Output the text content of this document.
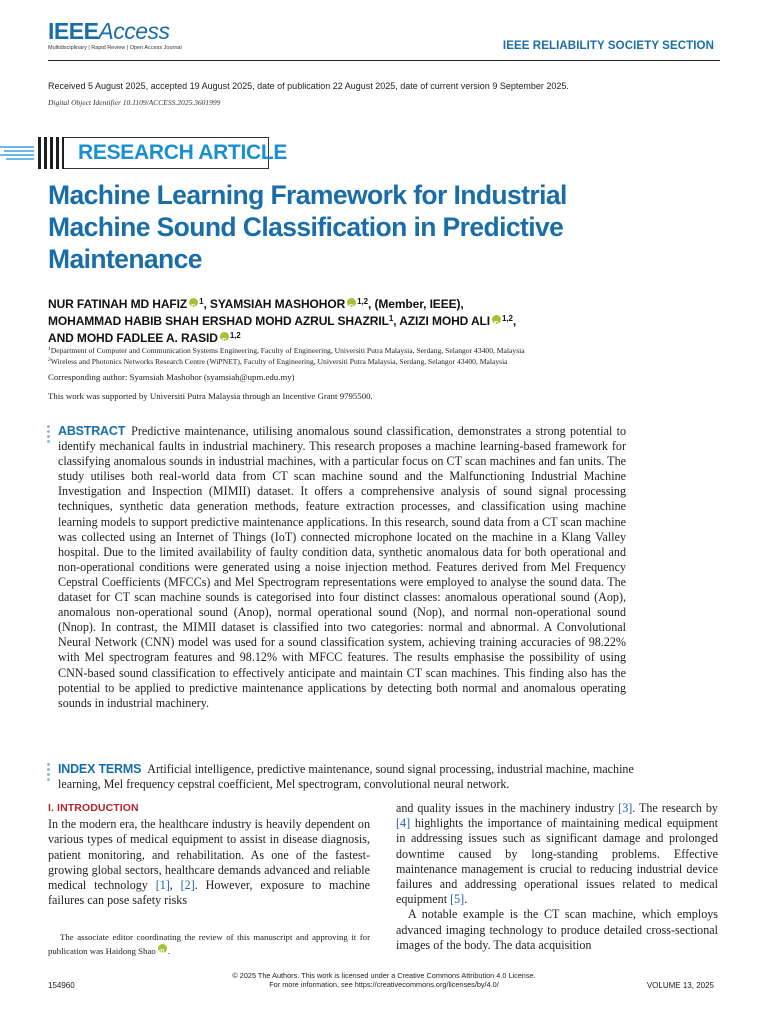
IEEEAccess
Multidisciplinary | Rapid Review | Open Access Journal	IEEE RELIABILITY SOCIETY SECTION
Received 5 August 2025, accepted 19 August 2025, date of publication 22 August 2025, date of current version 9 September 2025.
Digital Object Identifier 10.1109/ACCESS.2025.3601999
RESEARCH ARTICLE
Machine Learning Framework for Industrial Machine Sound Classification in Predictive Maintenance
NUR FATINAH MD HAFIZ iD $^1$, SYAMSIAH MASHOHOR iD $^{1,2}$, (Member, IEEE),
MOHAMMAD HABIB SHAH ERSHAD MOHD AZRUL SHAZRIL$^1$, AZIZI MOHD ALI iD $^{1,2}$,
AND MOHD FADLEE A. RASID iD $^{1,2}$
$^1$Department of Computer and Communication Systems Engineering, Faculty of Engineering, Universiti Putra Malaysia, Serdang, Selangor 43400, Malaysia
$^2$Wireless and Photonics Networks Research Centre (WiPNET), Faculty of Engineering, Universiti Putra Malaysia, Serdang, Selangor 43400, Malaysia
Corresponding author: Syamsiah Mashohor (syamsiah@upm.edu.my)
This work was supported by Universiti Putra Malaysia through an Incentive Grant 9795500.
ABSTRACT Predictive maintenance, utilising anomalous sound classification, demonstrates a strong potential to identify mechanical faults in industrial machinery. This research proposes a machine learning-based framework for classifying anomalous sounds in industrial machines, with a particular focus on CT scan machines and fan units. The study utilises both real-world data from CT scan machine sound and the Malfunctioning Industrial Machine Investigation and Inspection (MIMII) dataset. It offers a comprehensive analysis of sound signal processing techniques, synthetic data generation methods, feature extraction processes, and classification using machine learning models to support predictive maintenance applications. In this research, sound data from a CT scan machine was collected using an Internet of Things (IoT) connected microphone located on the machine in a Klang Valley hospital. Due to the limited availability of faulty condition data, synthetic anomalous data for both operational and non-operational conditions were generated using a noise injection method. Features derived from Mel Frequency Cepstral Coefficients (MFCCs) and Mel Spectrogram representations were employed to analyse the sound data. The dataset for CT scan machine sounds is categorised into four distinct classes: anomalous operational sound (Aop), anomalous non-operational sound (Anop), normal operational sound (Nop), and normal non-operational sound (Nnop). In contrast, the MIMII dataset is classified into two categories: normal and abnormal. A Convolutional Neural Network (CNN) model was used for a sound classification system, achieving training accuracies of 98.22% with Mel spectrogram features and 98.12% with MFCC features. The results emphasise the possibility of using CNN-based sound classification to effectively anticipate and maintain CT scan machines. This finding also has the potential to be applied to predictive maintenance applications by detecting both normal and anomalous operating sounds in industrial machinery.
INDEX TERMS Artificial intelligence, predictive maintenance, sound signal processing, industrial machine, machine learning, Mel frequency cepstral coefficient, Mel spectrogram, convolutional neural network.
I. INTRODUCTION

In the modern era, the healthcare industry is heavily dependent on various types of medical equipment to assist in disease diagnosis, patient monitoring, and rehabilitation. As one of the fastest-growing global sectors, healthcare demands advanced and reliable medical technology [1], [2]. However, exposure to machine failures can pose safety risks

and quality issues in the machinery industry [3]. The research by [4] highlights the importance of maintaining medical equipment in addressing issues such as significant damage and prolonged downtime caused by long-standing problems. Effective maintenance management is crucial to reducing industrial device failures and addressing operational issues related to medical equipment [5].

A notable example is the CT scan machine, which employs advanced imaging technology to produce detailed cross-sectional images of the body. The data acquisition

The associate editor coordinating the review of this manuscript and approving it for publication was Haidong Shao iD .
© 2025 The Authors. This work is licensed under a Creative Commons Attribution 4.0 License.
For more information, see https://creativecommons.org/licenses/by/4.0/
154960	VOLUME 13, 2025
